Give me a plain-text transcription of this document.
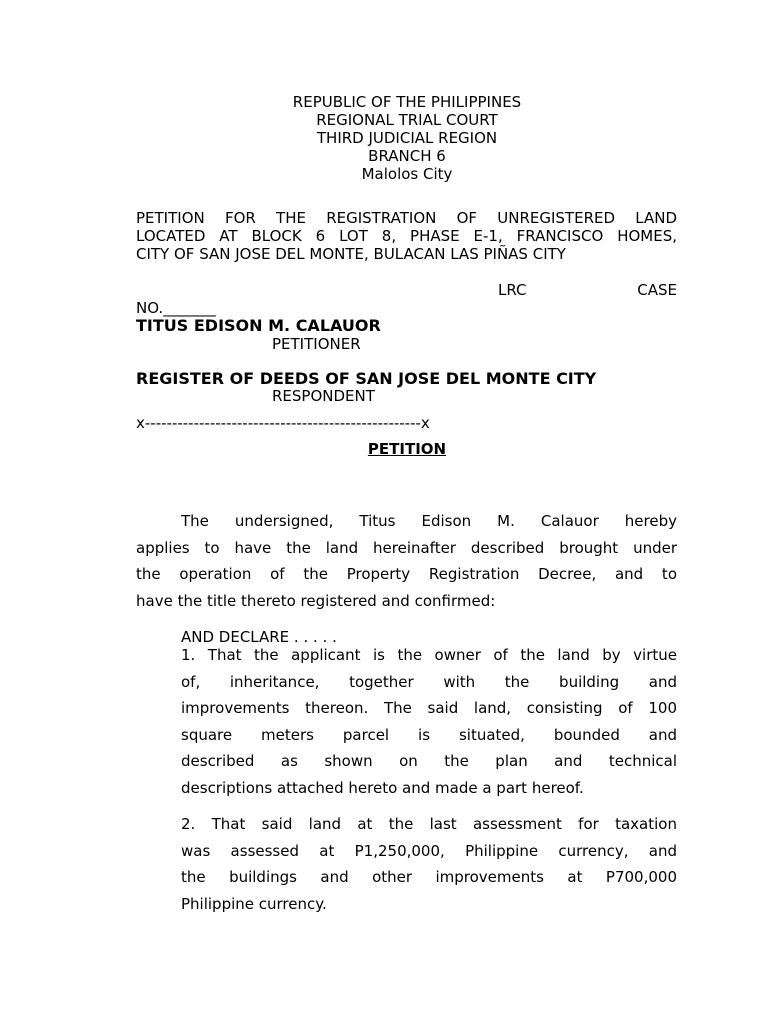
REPUBLIC OF THE PHILIPPINES
REGIONAL TRIAL COURT
THIRD JUDICIAL REGION
BRANCH 6
Malolos City
PETITION FOR THE REGISTRATION OF UNREGISTERED LAND
LOCATED AT BLOCK 6 LOT 8, PHASE E-1, FRANCISCO HOMES,
CITY OF SAN JOSE DEL MONTE, BULACAN LAS PIÑAS CITY
LRC	CASE
NO._______
TITUS EDISON M. CALAUOR
PETITIONER
REGISTER OF DEEDS OF SAN JOSE DEL MONTE CITY
RESPONDENT
x---------------------------------------------------x
PETITION
The undersigned, Titus Edison M. Calauor hereby
applies to have the land hereinafter described brought under
the operation of the Property Registration Decree, and to
have the title thereto registered and confirmed:
AND DECLARE . . . . .
1. That the applicant is the owner of the land by virtue
of, inheritance, together with the building and
improvements thereon. The said land, consisting of 100
square meters parcel is situated, bounded and
described as shown on the plan and technical
descriptions attached hereto and made a part hereof.
2. That said land at the last assessment for taxation
was assessed at P1,250,000, Philippine currency, and
the buildings and other improvements at P700,000
Philippine currency.
